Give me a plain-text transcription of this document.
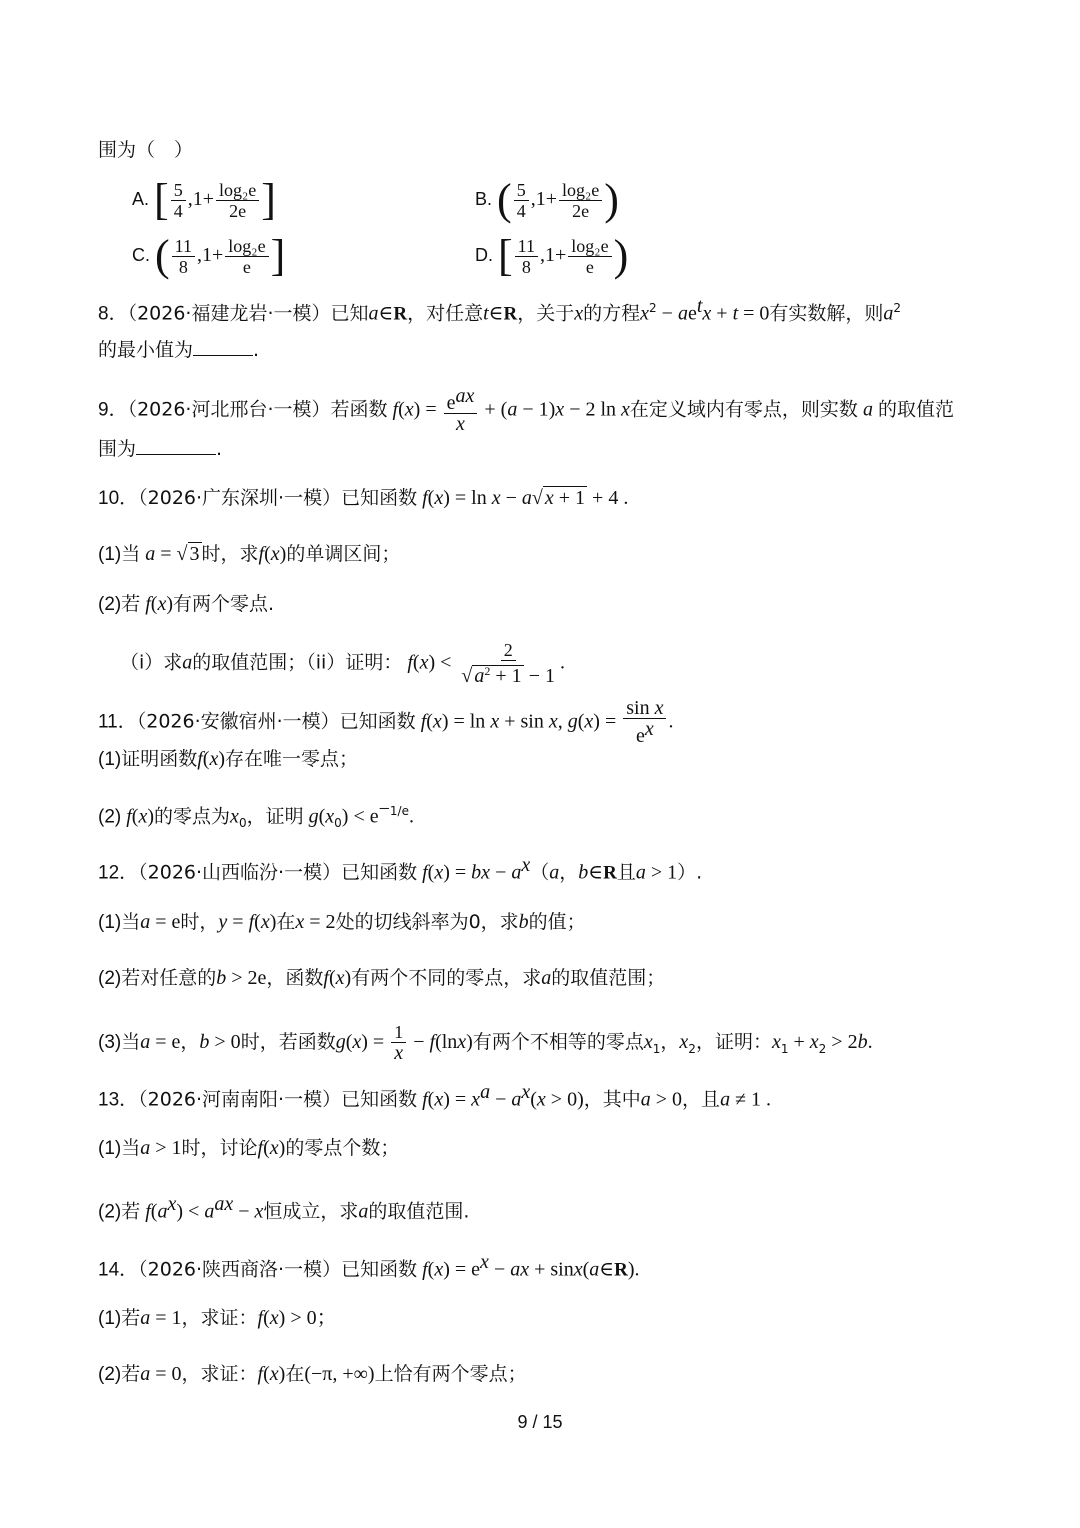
围为（　）
A. [ $\frac{5}{4} ,1+ \frac{\text{log₂e}}{2e}$ ]	B. ( $\frac{5}{4} ,1+ \frac{\text{log₂e}}{2e}$ )
C. ( $\frac{11}{8} ,1+ \frac{\text{log₂e}}{e}$ ]	D. [ $\frac{11}{8} ,1+ \frac{\text{log₂e}}{e}$ )
8．（2026·福建龙岩·一模）已知a∈R，对任意t∈R，关于x的方程$x^2 - ae^tx + t = 0$有实数解，则$a^2$
的最小值为	.
9．（2026·河北邢台·一模）若函数 $f(x) = \frac{e^{ax}}{x} + (a - 1)x - 2$ ln x在定义域内有零点，则实数 a 的取值范
围为	.
10．（2026·广东深圳·一模）已知函数 f(x) = ln x − a√ x + 1 + 4 .
(1)当 a = √ 3 时，求f(x)的单调区间；
(2)若 f(x)有两个零点.
（i）求a的取值范围；（ii）证明： $f(x) < \frac{2}{√ a^2 + 1 - 1}$ .
11．（2026·安徽宿州·一模）已知函数 f(x) = ln x + sin x, $g(x) = \frac{\text{sin x}}{e^x}$ .
(1)证明函数f(x)存在唯一零点；
(2) f(x)的零点为$x_0$，证明 $g(x_0) < e^{-1/e}$.
12．（2026·山西临汾·一模）已知函数 f(x) = bx − $a^x(a$，b∈R且a > 1）.
(1)当a = e时，y = f(x)在x = 2处的切线斜率为0，求b的值；
(2)若对任意的b > 2e，函数f(x)有两个不同的零点，求a的取值范围；
(3)当a = e，b > 0时，若函数$g(x) = \frac{1}{x} - f(\ln x)$有两个不相等的零点$x_1$，$x_2$，证明：$x_1 + x_2 > 2b$.
13．（2026·河南南阳·一模）已知函数 $f(x) = x^a - a^x(x > 0)$，其中a > 0，且a ≠ 1 .
(1)当a > 1时，讨论f(x)的零点个数；
(2)若 $f(a^x) < a^{ax} - x$恒成立，求a的取值范围.
14．（2026·陕西商洛·一模）已知函数 $f(x) = e^x$ − ax + sinx(a∈R).
(1)若a = 1，求证：f(x) > 0；
(2)若a = 0，求证：f(x)在(−π, +∞)上恰有两个零点；
9 / 15
